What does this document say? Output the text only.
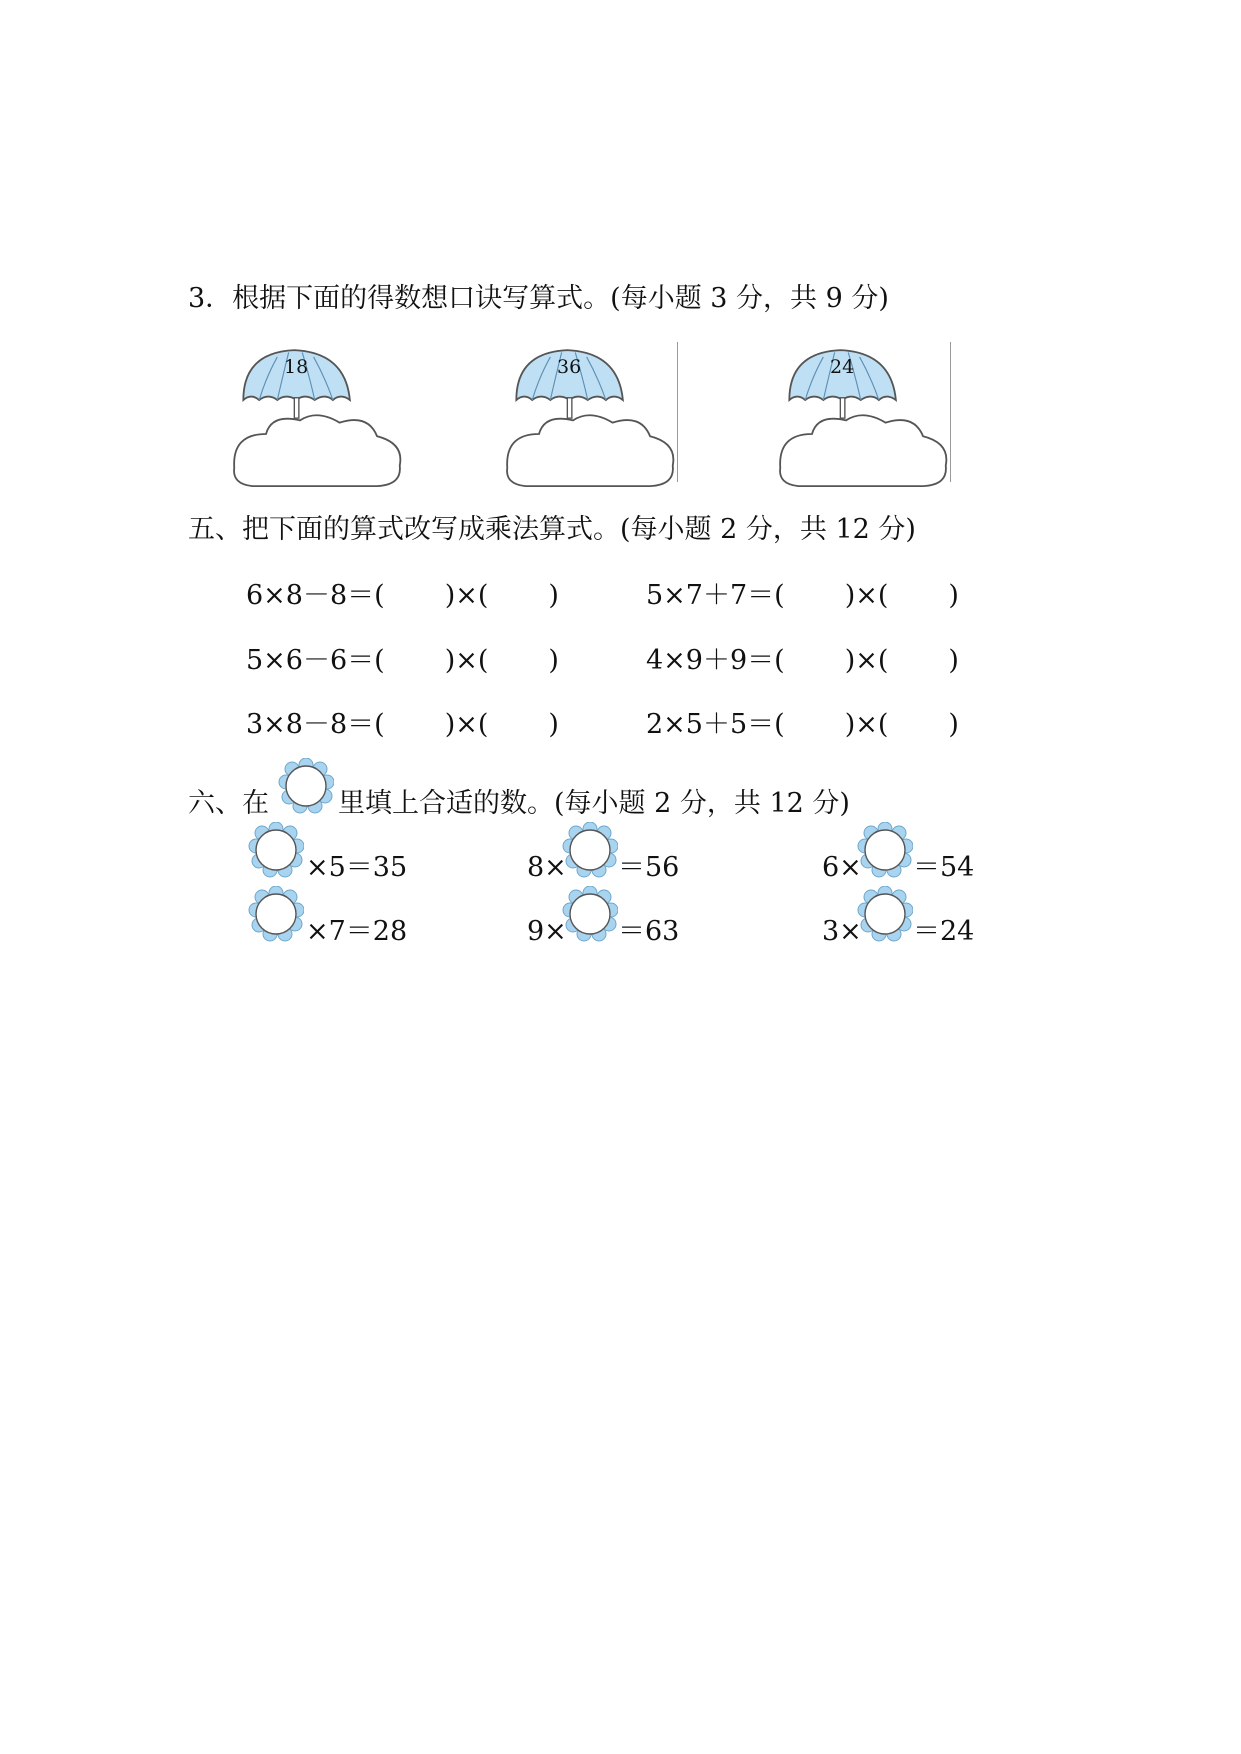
3．根据下面的得数想口诀写算式。(每小题 3 分，共 9 分)
18	36	24
五、把下面的算式改写成乘法算式。(每小题 2 分，共 12 分)
6×8－8＝( )×( )	5×7＋7＝( )×( )
5×6－6＝( )×( )	4×9＋9＝( )×( )
3×8－8＝( )×( )	2×5＋5＝( )×( )
六、在	里填上合适的数。(每小题 2 分，共 12 分)
×5＝35	8× ＝56	6× ＝54
×7＝28	9× ＝63	3× ＝24
